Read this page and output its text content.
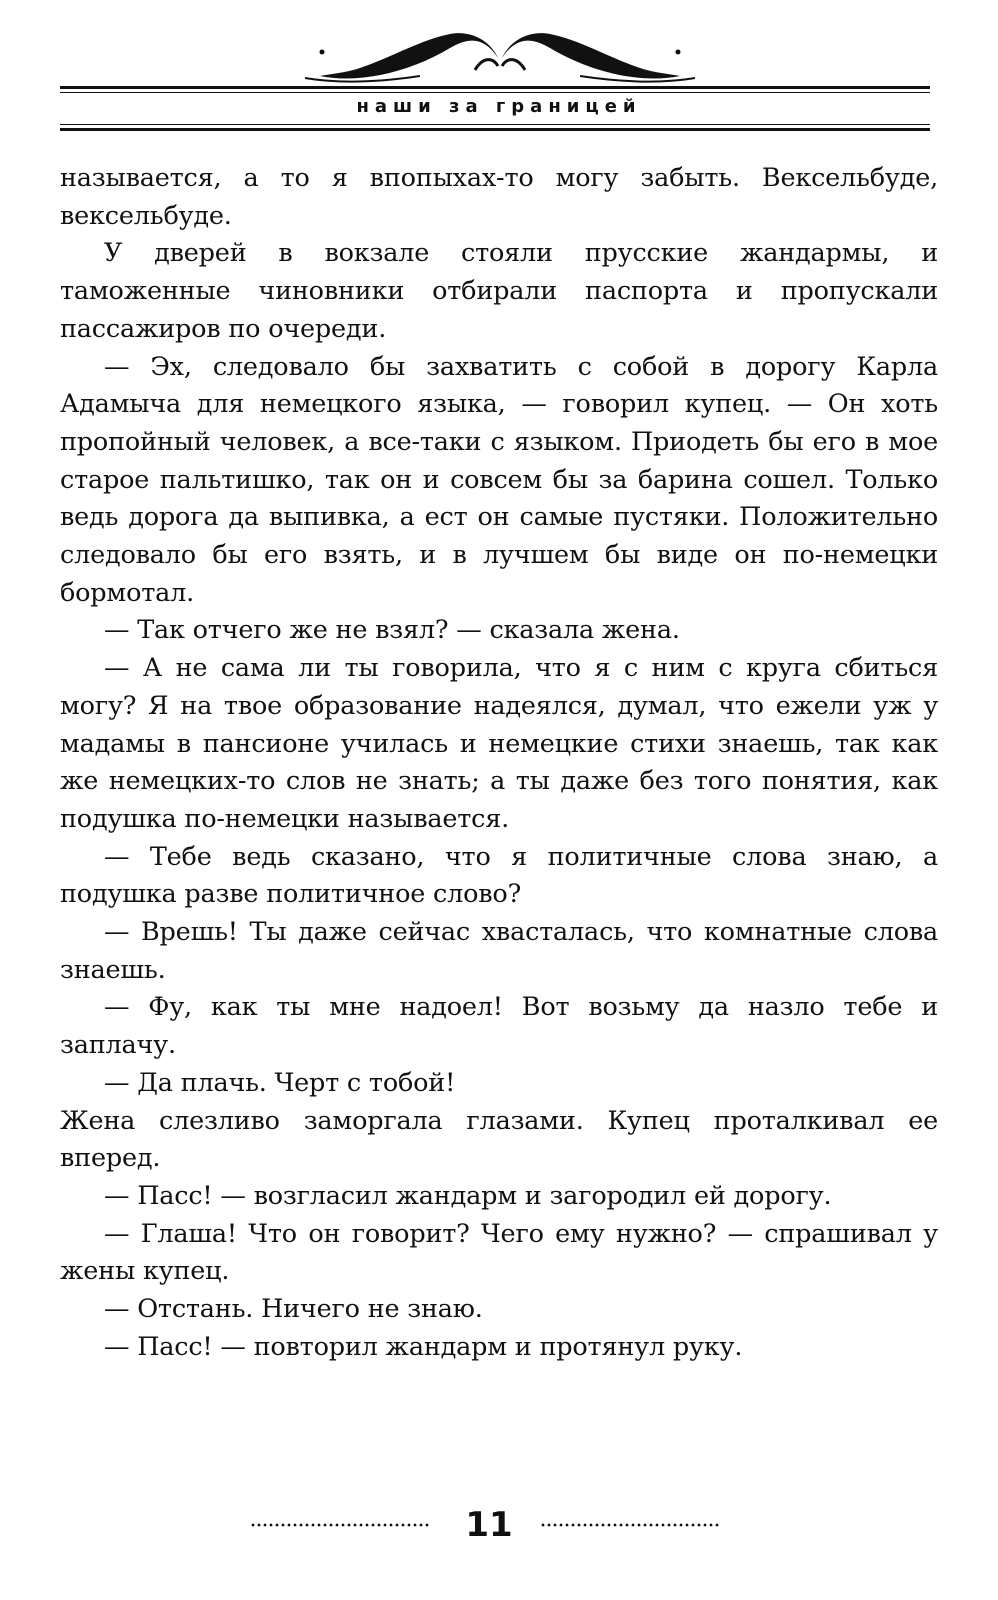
наши за границей

называется, а то я впопыхах-то могу забыть. Вексельбуде, вексельбуде.

У дверей в вокзале стояли прусские жандармы, и таможенные чиновники отбирали паспорта и пропускали пассажиров по очереди.

— Эх, следовало бы захватить с собой в дорогу Карла Адамыча для немецкого языка, — говорил купец. — Он хоть пропойный человек, а все-таки с языком. Приодеть бы его в мое старое пальтишко, так он и совсем бы за барина сошел. Только ведь дорога да выпивка, а ест он самые пустяки. Положительно следовало бы его взять, и в лучшем бы виде он по-немецки бормотал.

— Так отчего же не взял? — сказала жена.

— А не сама ли ты говорила, что я с ним с круга сбиться могу? Я на твое образование надеялся, думал, что ежели уж у мадамы в пансионе училась и немецкие стихи знаешь, так как же немецких-то слов не знать; а ты даже без того понятия, как подушка по-немецки называется.

— Тебе ведь сказано, что я политичные слова знаю, а подушка разве политичное слово?

— Врешь! Ты даже сейчас хвасталась, что комнатные слова знаешь.

— Фу, как ты мне надоел! Вот возьму да назло тебе и заплачу.

— Да плачь. Черт с тобой!

Жена слезливо заморгала глазами. Купец проталкивал ее вперед.

— Пасс! — возгласил жандарм и загородил ей дорогу.

— Глаша! Что он говорит? Чего ему нужно? — спрашивал у жены купец.

— Отстань. Ничего не знаю.

— Пасс! — повторил жандарм и протянул руку.

11
